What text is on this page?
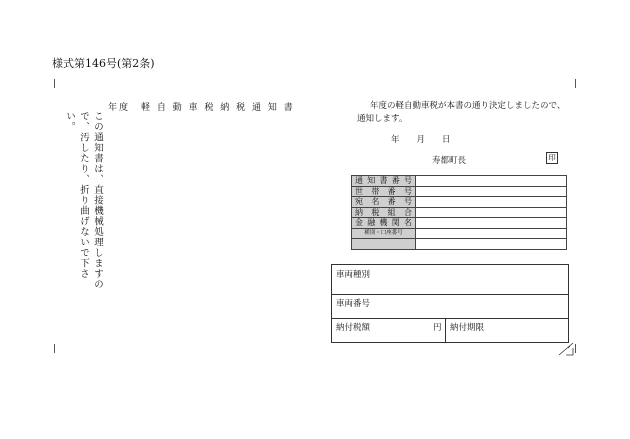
様式第146号(第2条)
年度　軽 自 動 車 税 納 税 通 知 書
この通知書は、直接機械処理しますので、汚したり、折り曲げないで下さい。
年度の軽自動車税が本書の通り決定しましたので、通知します。
年　　月　　日
寿都町長	印
通知書番号	
世帯番号	
宛名番号	
納税組合	
金融機関名	
種別・口座番号	

車両種別
車両番号
納付税額	円 納付期限
